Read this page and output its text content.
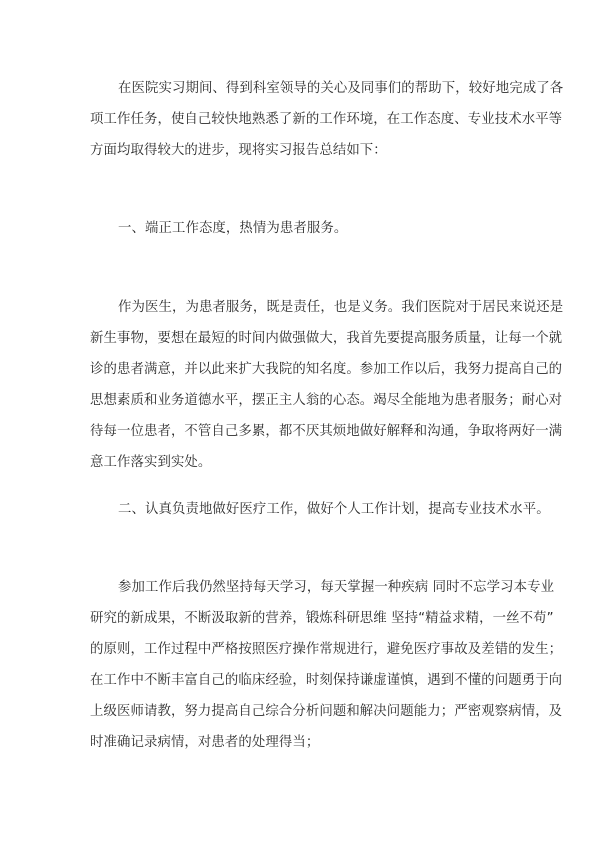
在医院实习期间、得到科室领导的关心及同事们的帮助下，较好地完成了各
项工作任务，使自己较快地熟悉了新的工作环境，在工作态度、专业技术水平等
方面均取得较大的进步，现将实习报告总结如下：
一、端正工作态度，热情为患者服务。
作为医生，为患者服务，既是责任，也是义务。我们医院对于居民来说还是
新生事物，要想在最短的时间内做强做大，我首先要提高服务质量，让每一个就
诊的患者满意，并以此来扩大我院的知名度。参加工作以后，我努力提高自己的
思想素质和业务道德水平，摆正主人翁的心态。竭尽全能地为患者服务；耐心对
待每一位患者，不管自己多累，都不厌其烦地做好解释和沟通，争取将两好一满
意工作落实到实处。
二、认真负责地做好医疗工作，做好个人工作计划，提高专业技术水平。
参加工作后我仍然坚持每天学习，每天掌握一种疾病 同时不忘学习本专业
研究的新成果，不断汲取新的营养，锻炼科研思维 坚持“精益求精，一丝不苟”
的原则，工作过程中严格按照医疗操作常规进行，避免医疗事故及差错的发生；
在工作中不断丰富自己的临床经验，时刻保持谦虚谨慎，遇到不懂的问题勇于向
上级医师请教，努力提高自己综合分析问题和解决问题能力；严密观察病情，及
时准确记录病情，对患者的处理得当；
